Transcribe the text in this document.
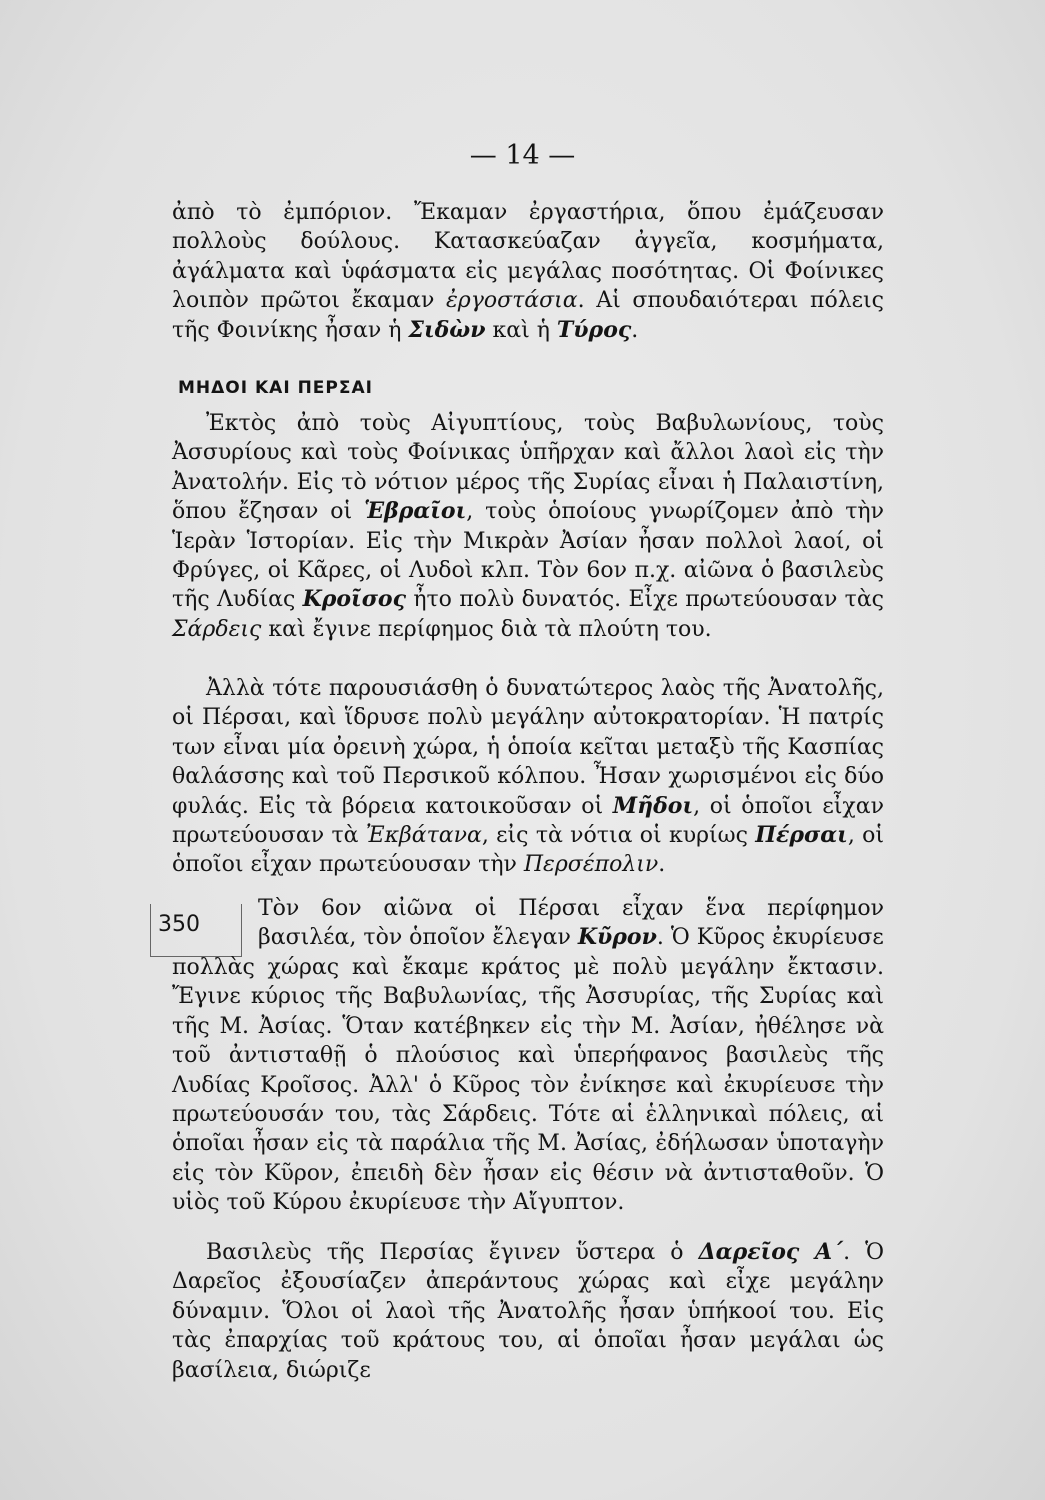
— 14 —
ἀπὸ τὸ ἐμπόριον. Ἔκαμαν ἐργαστήρια, ὅπου ἐμάζευσαν πολλοὺς δούλους. Κατασκεύαζαν ἀγγεῖα, κοσμήματα, ἀγάλματα καὶ ὑφάσματα εἰς μεγάλας ποσότητας. Οἱ Φοίνικες λοιπὸν πρῶτοι ἔκαμαν ἐργοστάσια. Αἱ σπουδαιότεραι πόλεις τῆς Φοινίκης ἦσαν ἡ Σιδὼν καὶ ἡ Τύρος.
ΜΗΔΟΙ ΚΑΙ ΠΕΡΣΑΙ
Ἐκτὸς ἀπὸ τοὺς Αἰγυπτίους, τοὺς Βαβυλωνίους, τοὺς Ἀσσυρίους καὶ τοὺς Φοίνικας ὑπῆρχαν καὶ ἄλλοι λαοὶ εἰς τὴν Ἀνατολήν. Εἰς τὸ νότιον μέρος τῆς Συρίας εἶναι ἡ Παλαιστίνη, ὅπου ἔζησαν οἱ Ἑβραῖοι, τοὺς ὁποίους γνωρίζομεν ἀπὸ τὴν Ἱερὰν Ἱστορίαν. Εἰς τὴν Μικρὰν Ἀσίαν ἦσαν πολλοὶ λαοί, οἱ Φρύγες, οἱ Κᾶρες, οἱ Λυδοὶ κλπ. Τὸν 6ον π.χ. αἰῶνα ὁ βασιλεὺς τῆς Λυδίας Κροῖσος ἦτο πολὺ δυνατός. Εἶχε πρωτεύουσαν τὰς Σάρδεις καὶ ἔγινε περίφημος διὰ τὰ πλούτη του.
Ἀλλὰ τότε παρουσιάσθη ὁ δυνατώτερος λαὸς τῆς Ἀνατολῆς, οἱ Πέρσαι, καὶ ἵδρυσε πολὺ μεγάλην αὐτοκρατορίαν. Ἡ πατρίς των εἶναι μία ὀρεινὴ χώρα, ἡ ὁποία κεῖται μεταξὺ τῆς Κασπίας θαλάσσης καὶ τοῦ Περσικοῦ κόλπου. Ἦσαν χωρισμένοι εἰς δύο φυλάς. Εἰς τὰ βόρεια κατοικοῦσαν οἱ Μῆδοι, οἱ ὁποῖοι εἶχαν πρωτεύουσαν τὰ Ἐκβάτανα, εἰς τὰ νότια οἱ κυρίως Πέρσαι, οἱ ὁποῖοι εἶχαν πρωτεύουσαν τὴν Περσέπολιν.
350
Τὸν 6ον αἰῶνα οἱ Πέρσαι εἶχαν ἕνα περίφημον βασιλέα, τὸν ὁποῖον ἔλεγαν Κῦρον. Ὁ Κῦρος ἐκυρίευσε
πολλὰς χώρας καὶ ἔκαμε κράτος μὲ πολὺ μεγάλην ἔκτασιν. Ἔγινε κύριος τῆς Βαβυλωνίας, τῆς Ἀσσυρίας, τῆς Συρίας καὶ τῆς Μ. Ἀσίας. Ὅταν κατέβηκεν εἰς τὴν Μ. Ἀσίαν, ἠθέλησε νὰ τοῦ ἀντισταθῇ ὁ πλούσιος καὶ ὑπερήφανος βασιλεὺς τῆς Λυδίας Κροῖσος. Ἀλλ' ὁ Κῦρος τὸν ἐνίκησε καὶ ἐκυρίευσε τὴν πρωτεύουσάν του, τὰς Σάρδεις. Τότε αἱ ἑλληνικαὶ πόλεις, αἱ ὁποῖαι ἦσαν εἰς τὰ παράλια τῆς Μ. Ἀσίας, ἐδήλωσαν ὑποταγὴν εἰς τὸν Κῦρον, ἐπειδὴ δὲν ἦσαν εἰς θέσιν νὰ ἀντισταθοῦν. Ὁ υἱὸς τοῦ Κύρου ἐκυρίευσε τὴν Αἴγυπτον.
Βασιλεὺς τῆς Περσίας ἔγινεν ὕστερα ὁ Δαρεῖος Α΄. Ὁ Δαρεῖος ἐξουσίαζεν ἀπεράντους χώρας καὶ εἶχε μεγάλην δύναμιν. Ὅλοι οἱ λαοὶ τῆς Ἀνατολῆς ἦσαν ὑπήκοοί του. Εἰς τὰς ἐπαρχίας τοῦ κράτους του, αἱ ὁποῖαι ἦσαν μεγάλαι ὡς βασίλεια, διώριζε
